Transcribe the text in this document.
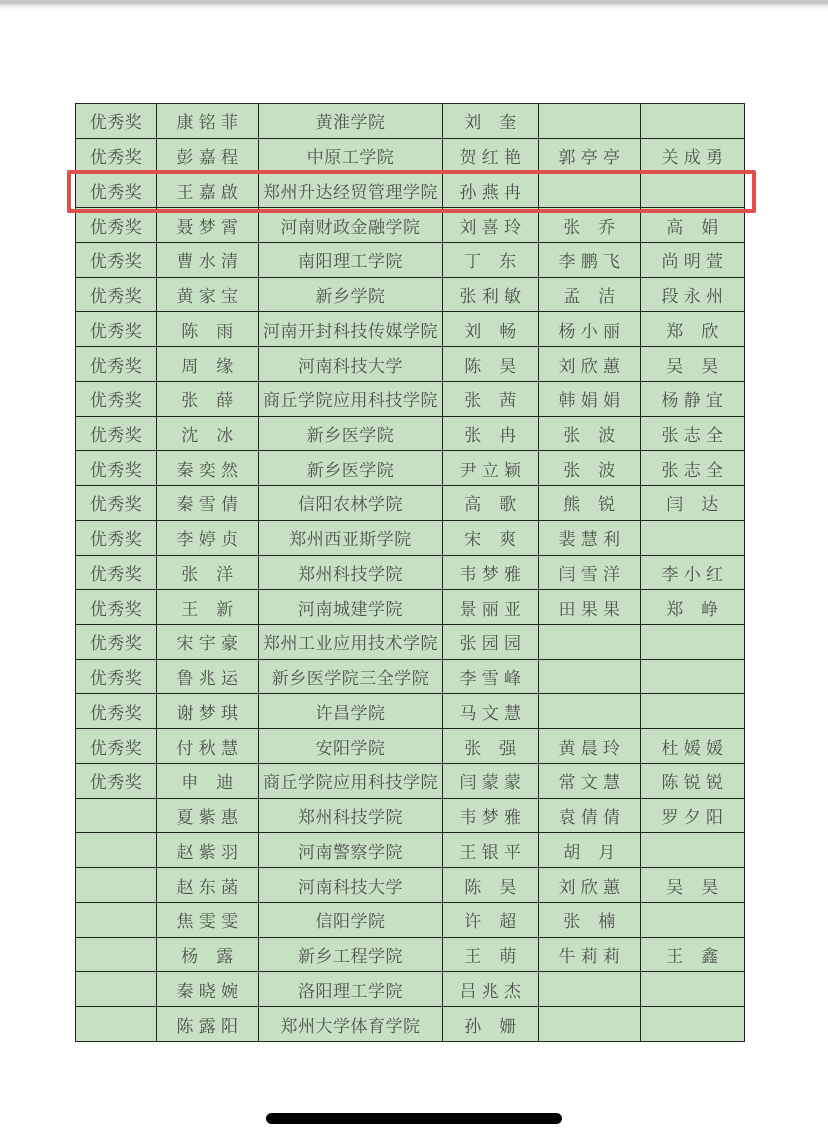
优秀奖	康 铭 菲	黄淮学院	刘　奎		
优秀奖	彭 嘉 程	中原工学院	贺 红 艳	郭 亭 亭	关 成 勇
优秀奖	王 嘉 啟	郑州升达经贸管理学院	孙 燕 冉		
优秀奖	聂 梦 霄	河南财政金融学院	刘 喜 玲	张　乔	高　娟
优秀奖	曹 水 清	南阳理工学院	丁　东	李 鹏 飞	尚 明 萱
优秀奖	黄 家 宝	新乡学院	张 利 敏	孟　洁	段 永 州
优秀奖	陈　雨	河南开封科技传媒学院	刘　畅	杨 小 丽	郑　欣
优秀奖	周　缘	河南科技大学	陈　昊	刘 欣 蕙	吴　昊
优秀奖	张　薛	商丘学院应用科技学院	张　茜	韩 娟 娟	杨 静 宜
优秀奖	沈　冰	新乡医学院	张　冉	张　波	张 志 全
优秀奖	秦 奕 然	新乡医学院	尹 立 颖	张　波	张 志 全
优秀奖	秦 雪 倩	信阳农林学院	高　歌	熊　锐	闫　达
优秀奖	李 婷 贞	郑州西亚斯学院	宋　爽	裴 慧 利	
优秀奖	张　洋	郑州科技学院	韦 梦 雅	闫 雪 洋	李 小 红
优秀奖	王　新	河南城建学院	景 丽 亚	田 果 果	郑　峥
优秀奖	宋 宇 豪	郑州工业应用技术学院	张 园 园		
优秀奖	鲁 兆 运	新乡医学院三全学院	李 雪 峰		
优秀奖	谢 梦 琪	许昌学院	马 文 慧		
优秀奖	付 秋 慧	安阳学院	张　强	黄 晨 玲	杜 媛 媛
优秀奖	申　迪	商丘学院应用科技学院	闫 蒙 蒙	常 文 慧	陈 锐 锐
	夏 紫 惠	郑州科技学院	韦 梦 雅	袁 倩 倩	罗 夕 阳
	赵 紫 羽	河南警察学院	王 银 平	胡　月	
	赵 东 菡	河南科技大学	陈　昊	刘 欣 蕙	吴　昊
	焦 雯 雯	信阳学院	许　超	张　楠	
	杨　露	新乡工程学院	王　萌	牛 莉 莉	王　鑫
	秦 晓 婉	洛阳理工学院	吕 兆 杰		
	陈 露 阳	郑州大学体育学院	孙　姗		
